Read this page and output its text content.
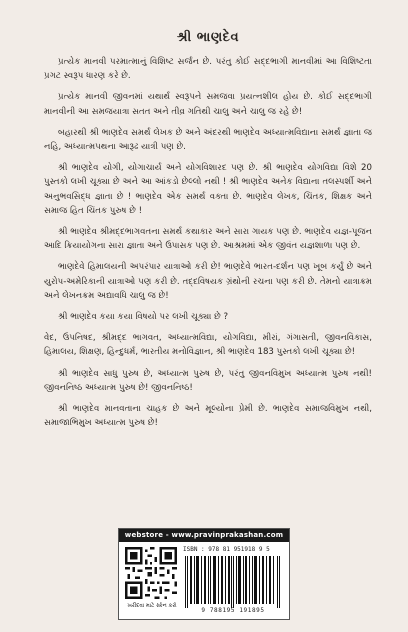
શ્રી ભાણદેવ

પ્રત્યેક માનવી પરમાત્માનું વિશિષ્ટ સર્જન છે. પરંતુ કોઈ સદ્દભાગી માનવીમાં આ વિશિષ્ટતા પ્રગટ સ્વરૂપ ધારણ કરે છે.

પ્રત્યેક માનવી જીવનમાં યથાર્થ સ્વરૂપને સમજવા પ્રયત્નશીલ હોય છે. કોઈ સદ્દભાગી માનવીની આ સમજયાત્રા સતત અને તીવ્ર ગતિથી ચાલુ અને ચાલુ જ રહે છે!

બહારથી શ્રી ભાણદેવ સમર્થ લેખક છે અને અંદરથી ભાણદેવ અધ્યાત્મવિદ્યાના સમર્થ જ્ઞાતા જ નહિ, અધ્યાત્મપથના આરૂઢ યાત્રી પણ છે.

શ્રી ભાણદેવ યોગી, યોગાચાર્ય અને યોગવિશારદ પણ છે. શ્રી ભાણદેવ યોગવિદ્યા વિશે 20 પુસ્તકો લખી ચૂક્યા છે અને આ આંકડો છેલ્લો નથી ! શ્રી ભાણદેવ અનેક વિદ્યાના તલસ્પર્શી અને અનુભવસિદ્ધ જ્ઞાતા છે ! ભાણદેવ એક સમર્થ વક્તા છે. ભાણદેવ લેખક, ચિંતક, શિક્ષક અને સમાજ હિત ચિંતક પુરુષ છે !

શ્રી ભાણદેવ શ્રીમદ્દભાગવતના સમર્થ કથાકાર અને સારા ગાયક પણ છે. ભાણદેવ યજ્ઞ-પૂજન આદિ ક્રિયાયોગના સારા જ્ઞાતા અને ઉપાસક પણ છે. આશ્રમમાં એક જીવંત યજ્ઞશાળા પણ છે.

ભાણદેવે હિમાલયની અપરંપાર યાત્રાઓ કરી છે! ભાણદેવે ભારત-દર્શન પણ ખૂબ કર્યું છે અને યુરોપ-અમેરિકાની યાત્રાઓ પણ કરી છે. તદ્દવિષયક ગ્રંથોની રચના પણ કરી છે. તેમનો યાત્રાક્રમ અને લેખનક્રમ અદ્યાવધિ ચાલુ જ છે!

શ્રી ભાણદેવ કયા કયા વિષયો પર લખી ચૂક્યા છે ?

વેદ, ઉપનિષદ, શ્રીમદ્દ ભાગવત, અધ્યાત્મવિદ્યા, યોગવિદ્યા, મીરાં, ગંગાસતી, જીવનવિકાસ, હિમાલય, શિક્ષણ, હિન્દુધર્મ, ભારતીય મનોવિજ્ઞાન, શ્રી ભાણદેવ 183 પુસ્તકો લખી ચૂક્યા છે!

શ્રી ભાણદેવ સાધુ પુરુષ છે, અધ્યાત્મ પુરુષ છે, પરંતુ જીવનવિમુખ અધ્યાત્મ પુરુષ નથી! જીવનનિષ્ઠ અધ્યાત્મ પુરુષ છે! જીવનનિષ્ઠ!

શ્રી ભાણદેવ માનવતાના ચાહક છે અને મૂલ્યોના પ્રેમી છે. ભાણદેવ સમાજવિમુખ નથી, સમાજાભિમુખ અધ્યાત્મ પુરુષ છે!

webstore - www.pravinprakashan.com
ખરીદવા માટે સ્કેન કરો
ISBN : 978 81 951918 9 5
9 788195 191895
